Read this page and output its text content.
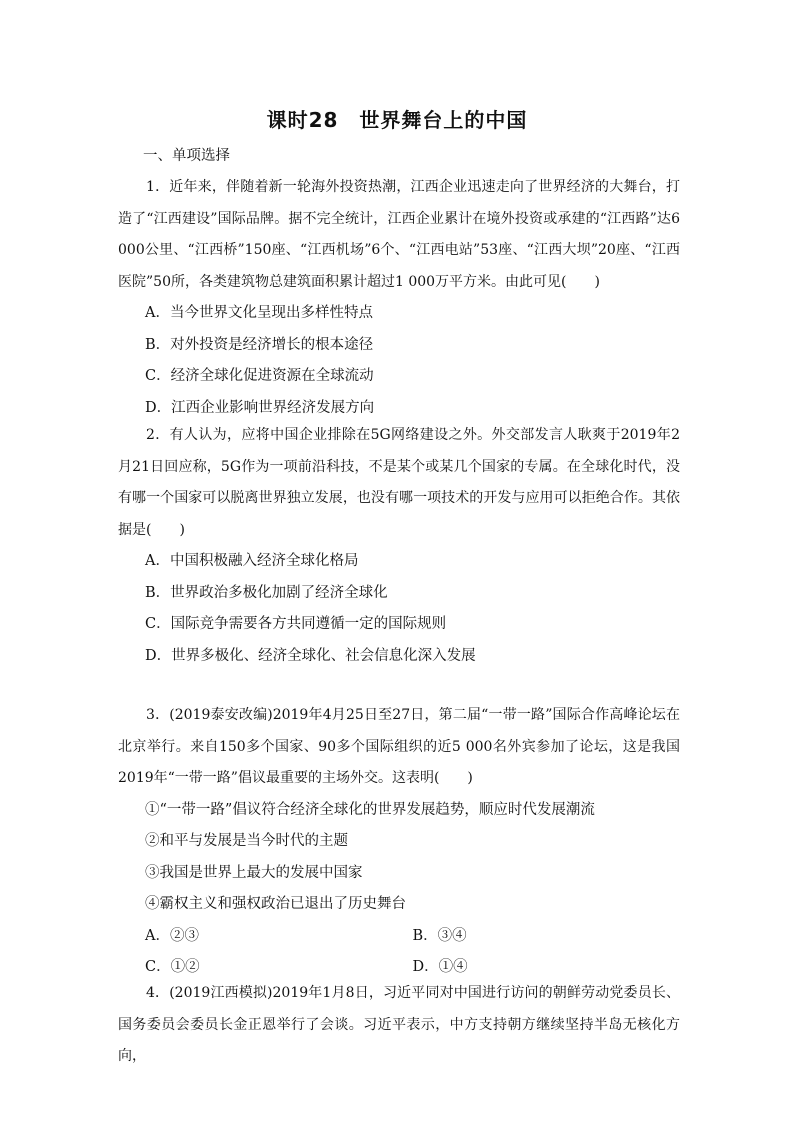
课时28　世界舞台上的中国
一、单项选择

1．近年来，伴随着新一轮海外投资热潮，江西企业迅速走向了世界经济的大舞台，打造了“江西建设”国际品牌。据不完全统计，江西企业累计在境外投资或承建的“江西路”达6 000公里、“江西桥”150座、“江西机场”6个、“江西电站”53座、“江西大坝”20座、“江西医院”50所，各类建筑物总建筑面积累计超过1 000万平方米。由此可见(　　)

A．当今世界文化呈现出多样性特点

B．对外投资是经济增长的根本途径

C．经济全球化促进资源在全球流动

D．江西企业影响世界经济发展方向

2．有人认为，应将中国企业排除在5G网络建设之外。外交部发言人耿爽于2019年2月21日回应称，5G作为一项前沿科技，不是某个或某几个国家的专属。在全球化时代，没有哪一个国家可以脱离世界独立发展，也没有哪一项技术的开发与应用可以拒绝合作。其依据是(　　)

A．中国积极融入经济全球化格局

B．世界政治多极化加剧了经济全球化

C．国际竞争需要各方共同遵循一定的国际规则

D．世界多极化、经济全球化、社会信息化深入发展

3．(2019泰安改编)2019年4月25日至27日，第二届“一带一路”国际合作高峰论坛在北京举行。来自150多个国家、90多个国际组织的近5 000名外宾参加了论坛，这是我国2019年“一带一路”倡议最重要的主场外交。这表明(　　)

①“一带一路”倡议符合经济全球化的世界发展趋势，顺应时代发展潮流

②和平与发展是当今时代的主题

③我国是世界上最大的发展中国家

④霸权主义和强权政治已退出了历史舞台

A．②③	B．③④
C．①②	D．①④

4．(2019江西模拟)2019年1月8日，习近平同对中国进行访问的朝鲜劳动党委员长、国务委员会委员长金正恩举行了会谈。习近平表示，中方支持朝方继续坚持半岛无核化方向，
